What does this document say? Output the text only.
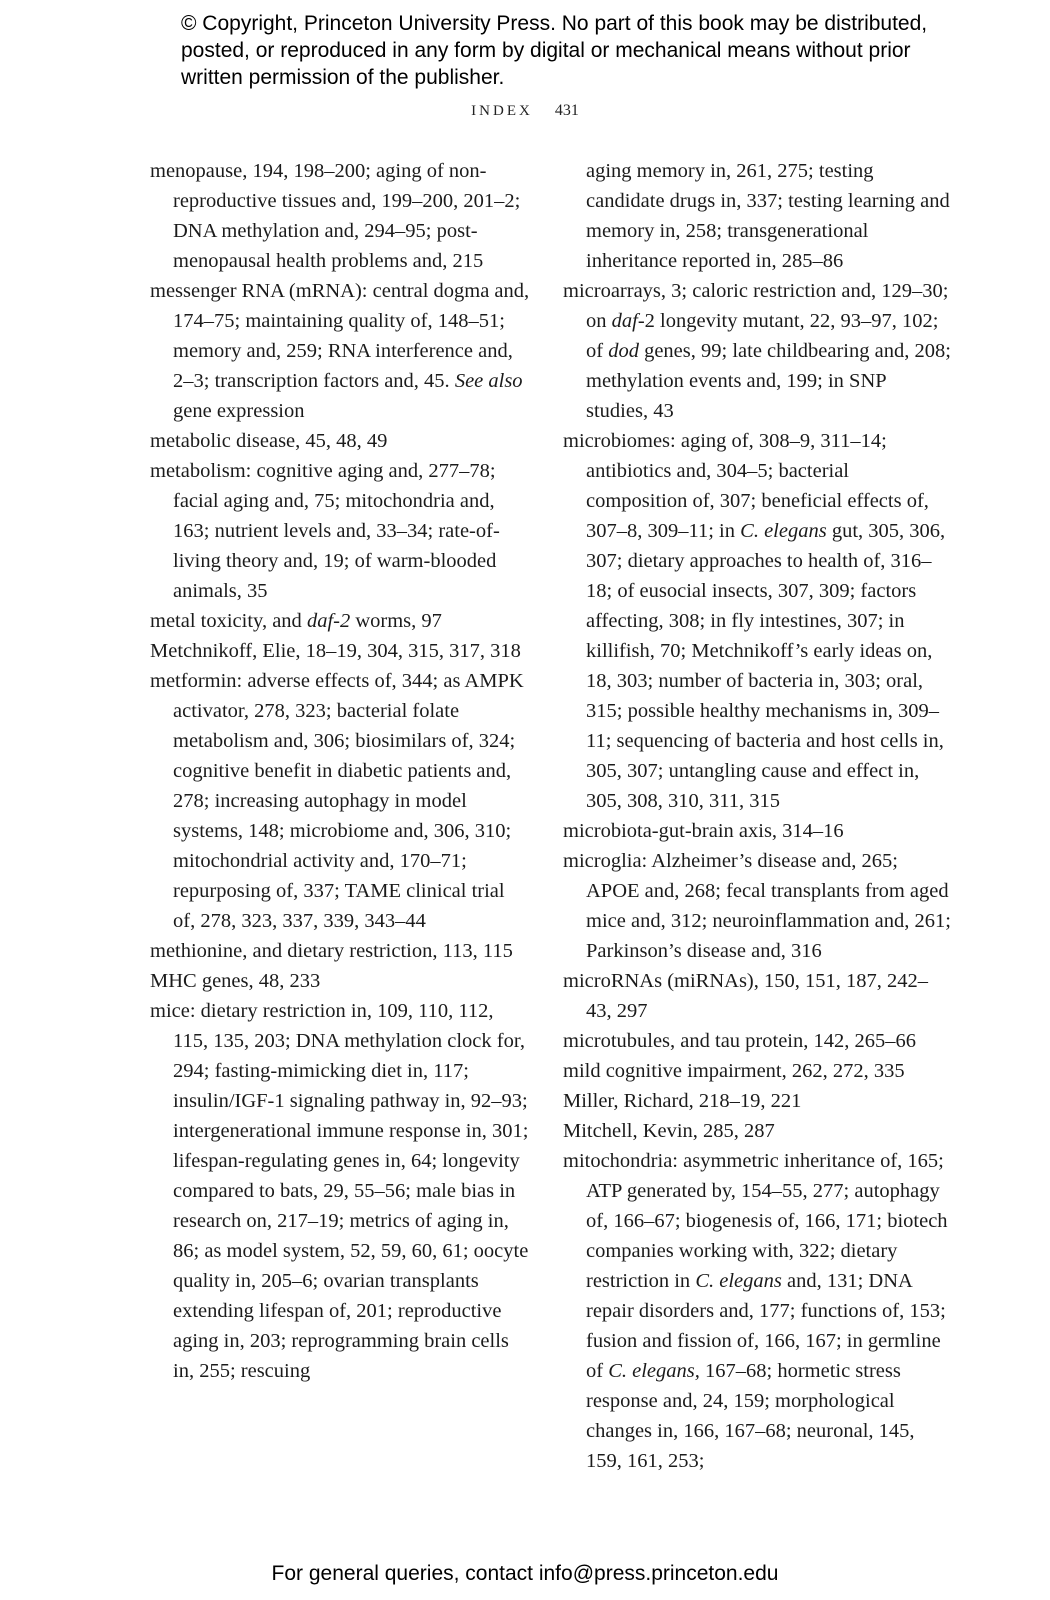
© Copyright, Princeton University Press. No part of this book may be distributed, posted, or reproduced in any form by digital or mechanical means without prior written permission of the publisher.
INDEX 431
menopause, 194, 198–200; aging of non-reproductive tissues and, 199–200, 201–2; DNA methylation and, 294–95; post-menopausal health problems and, 215
messenger RNA (mRNA): central dogma and, 174–75; maintaining quality of, 148–51; memory and, 259; RNA interference and, 2–3; transcription factors and, 45. See also gene expression
metabolic disease, 45, 48, 49
metabolism: cognitive aging and, 277–78; facial aging and, 75; mitochondria and, 163; nutrient levels and, 33–34; rate-of-living theory and, 19; of warm-blooded animals, 35
metal toxicity, and daf-2 worms, 97
Metchnikoff, Elie, 18–19, 304, 315, 317, 318
metformin: adverse effects of, 344; as AMPK activator, 278, 323; bacterial folate metabolism and, 306; biosimilars of, 324; cognitive benefit in diabetic patients and, 278; increasing autophagy in model systems, 148; microbiome and, 306, 310; mitochondrial activity and, 170–71; repurposing of, 337; TAME clinical trial of, 278, 323, 337, 339, 343–44
methionine, and dietary restriction, 113, 115
MHC genes, 48, 233
mice: dietary restriction in, 109, 110, 112, 115, 135, 203; DNA methylation clock for, 294; fasting-mimicking diet in, 117; insulin/IGF-1 signaling pathway in, 92–93; intergenerational immune response in, 301; lifespan-regulating genes in, 64; longevity compared to bats, 29, 55–56; male bias in research on, 217–19; metrics of aging in, 86; as model system, 52, 59, 60, 61; oocyte quality in, 205–6; ovarian transplants extending lifespan of, 201; reproductive aging in, 203; reprogramming brain cells in, 255; rescuing
aging memory in, 261, 275; testing candidate drugs in, 337; testing learning and memory in, 258; transgenerational inheritance reported in, 285–86
microarrays, 3; caloric restriction and, 129–30; on daf-2 longevity mutant, 22, 93–97, 102; of dod genes, 99; late childbearing and, 208; methylation events and, 199; in SNP studies, 43
microbiomes: aging of, 308–9, 311–14; antibiotics and, 304–5; bacterial composition of, 307; beneficial effects of, 307–8, 309–11; in C. elegans gut, 305, 306, 307; dietary approaches to health of, 316–18; of eusocial insects, 307, 309; factors affecting, 308; in fly intestines, 307; in killifish, 70; Metchnikoff’s early ideas on, 18, 303; number of bacteria in, 303; oral, 315; possible healthy mechanisms in, 309–11; sequencing of bacteria and host cells in, 305, 307; untangling cause and effect in, 305, 308, 310, 311, 315
microbiota-gut-brain axis, 314–16
microglia: Alzheimer’s disease and, 265; APOE and, 268; fecal transplants from aged mice and, 312; neuroinflammation and, 261; Parkinson’s disease and, 316
microRNAs (miRNAs), 150, 151, 187, 242–43, 297
microtubules, and tau protein, 142, 265–66
mild cognitive impairment, 262, 272, 335
Miller, Richard, 218–19, 221
Mitchell, Kevin, 285, 287
mitochondria: asymmetric inheritance of, 165; ATP generated by, 154–55, 277; autophagy of, 166–67; biogenesis of, 166, 171; biotech companies working with, 322; dietary restriction in C. elegans and, 131; DNA repair disorders and, 177; functions of, 153; fusion and fission of, 166, 167; in germline of C. elegans, 167–68; hormetic stress response and, 24, 159; morphological changes in, 166, 167–68; neuronal, 145, 159, 161, 253;
For general queries, contact info@press.princeton.edu
